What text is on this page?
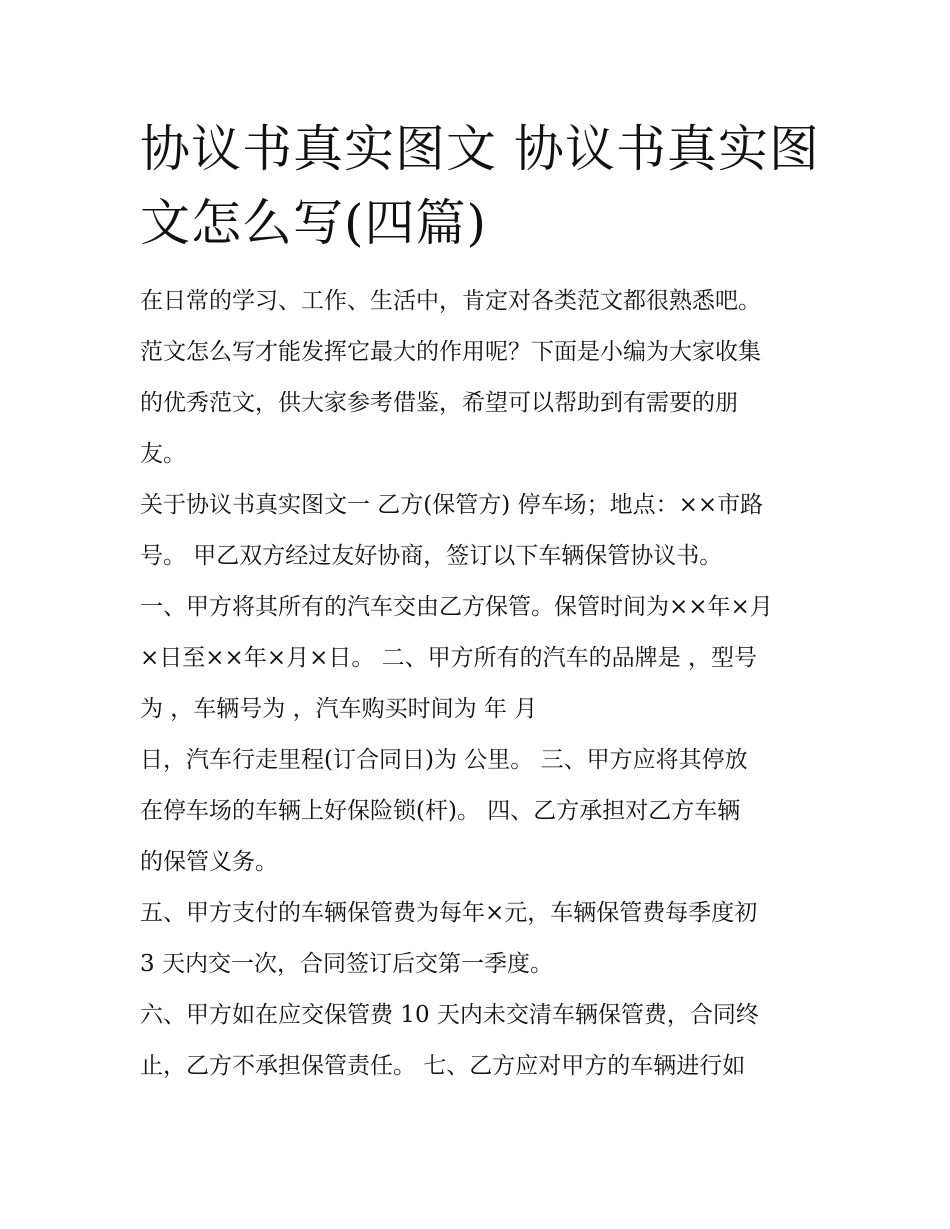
协议书真实图文 协议书真实图
文怎么写(四篇)
在日常的学习、工作、生活中，肯定对各类范文都很熟悉吧。
范文怎么写才能发挥它最大的作用呢？下面是小编为大家收集
的优秀范文，供大家参考借鉴，希望可以帮助到有需要的朋
友。
关于协议书真实图文一 乙方(保管方) 停车场；地点：××市路
号。 甲乙双方经过友好协商，签订以下车辆保管协议书。
一、甲方将其所有的汽车交由乙方保管。保管时间为××年×月
×日至××年×月×日。 二、甲方所有的汽车的品牌是 ，型号
为 ，车辆号为 ，汽车购买时间为 年 月
日，汽车行走里程(订合同日)为 公里。 三、甲方应将其停放
在停车场的车辆上好保险锁(杆)。 四、乙方承担对乙方车辆
的保管义务。
五、甲方支付的车辆保管费为每年×元，车辆保管费每季度初
3 天内交一次，合同签订后交第一季度。
六、甲方如在应交保管费 10 天内未交清车辆保管费，合同终
止，乙方不承担保管责任。 七、乙方应对甲方的车辆进行如
